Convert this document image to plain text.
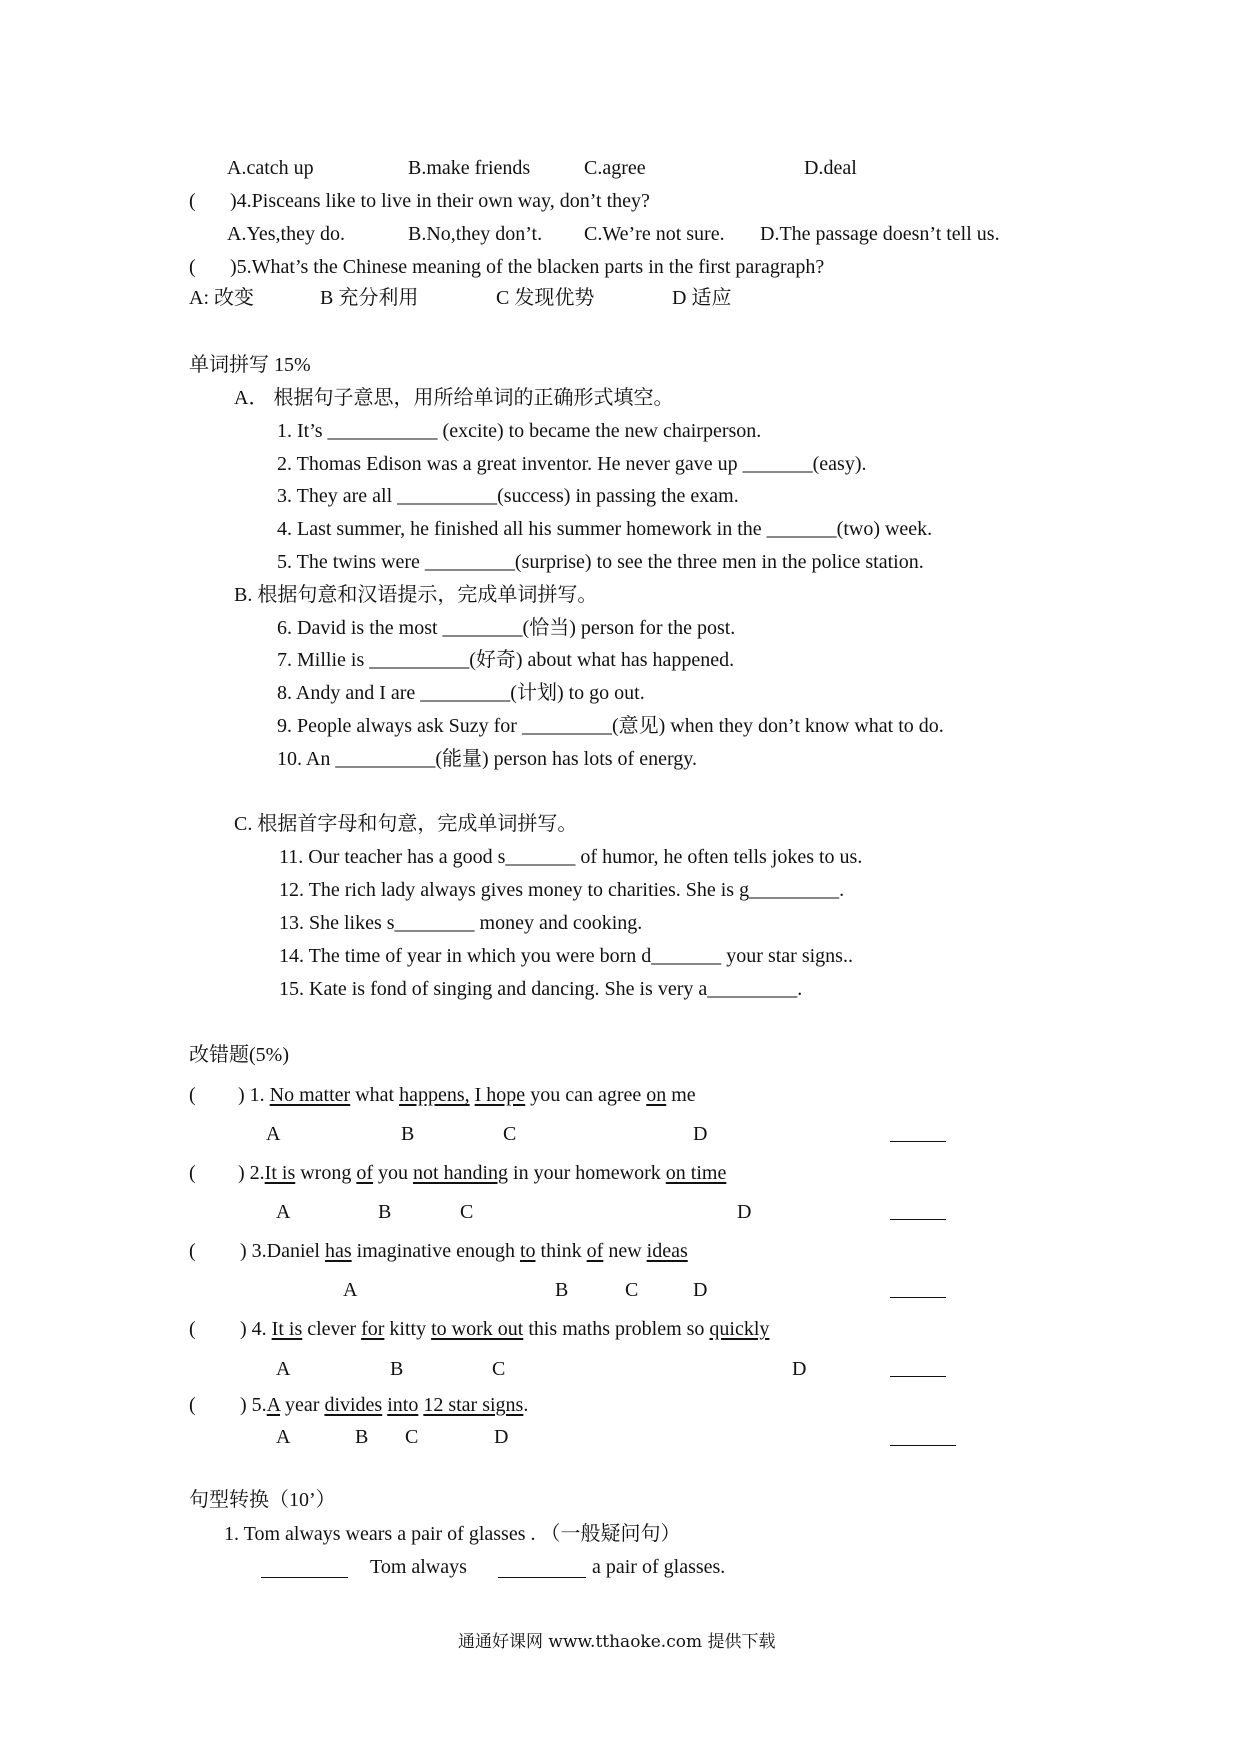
A.catch up	B.make friends	C.agree	D.deal
( )4.Pisceans like to live in their own way, don’t they?
A.Yes,they do.	B.No,they don’t. C.We’re not sure. D.The passage doesn’t tell us.
( )5.What’s the Chinese meaning of the blacken parts in the first paragraph?
A: 改变	B 充分利用	C 发现优势	D 适应
单词拼写 15%
A． 根据句子意思，用所给单词的正确形式填空。
1. It’s ___________ (excite) to became the new chairperson.
2. Thomas Edison was a great inventor. He never gave up _______(easy).
3. They are all __________(success) in passing the exam.
4. Last summer, he finished all his summer homework in the _______(two) week.
5. The twins were _________(surprise) to see the three men in the police station.
B. 根据句意和汉语提示，完成单词拼写。
6. David is the most ________(恰当) person for the post.
7. Millie is __________(好奇) about what has happened.
8. Andy and I are _________(计划) to go out.
9. People always ask Suzy for _________(意见) when they don’t know what to do.
10. An __________(能量) person has lots of energy.
C. 根据首字母和句意，完成单词拼写。
11. Our teacher has a good s_______ of humor, he often tells jokes to us.
12. The rich lady always gives money to charities. She is g_________.
13. She likes s________ money and cooking.
14. The time of year in which you were born d_______ your star signs..
15. Kate is fond of singing and dancing. She is very a_________.
改错题(5%)
( ) 1. No matter what happens, I hope you can agree on me
A	B	C	D
( ) 2.It is wrong of you not handing in your homework on time
A	B	C	D
( ) 3.Daniel has imaginative enough to think of new ideas
A	B	C	D
( ) 4. It is clever for kitty to work out this maths problem so quickly
A	B	C	D
( ) 5.A year divides into 12 star signs.
A	B C	D
句型转换（10’）
1. Tom always wears a pair of glasses . （一般疑问句）
Tom always	a pair of glasses.
通通好课网 www.tthaoke.com 提供下载
